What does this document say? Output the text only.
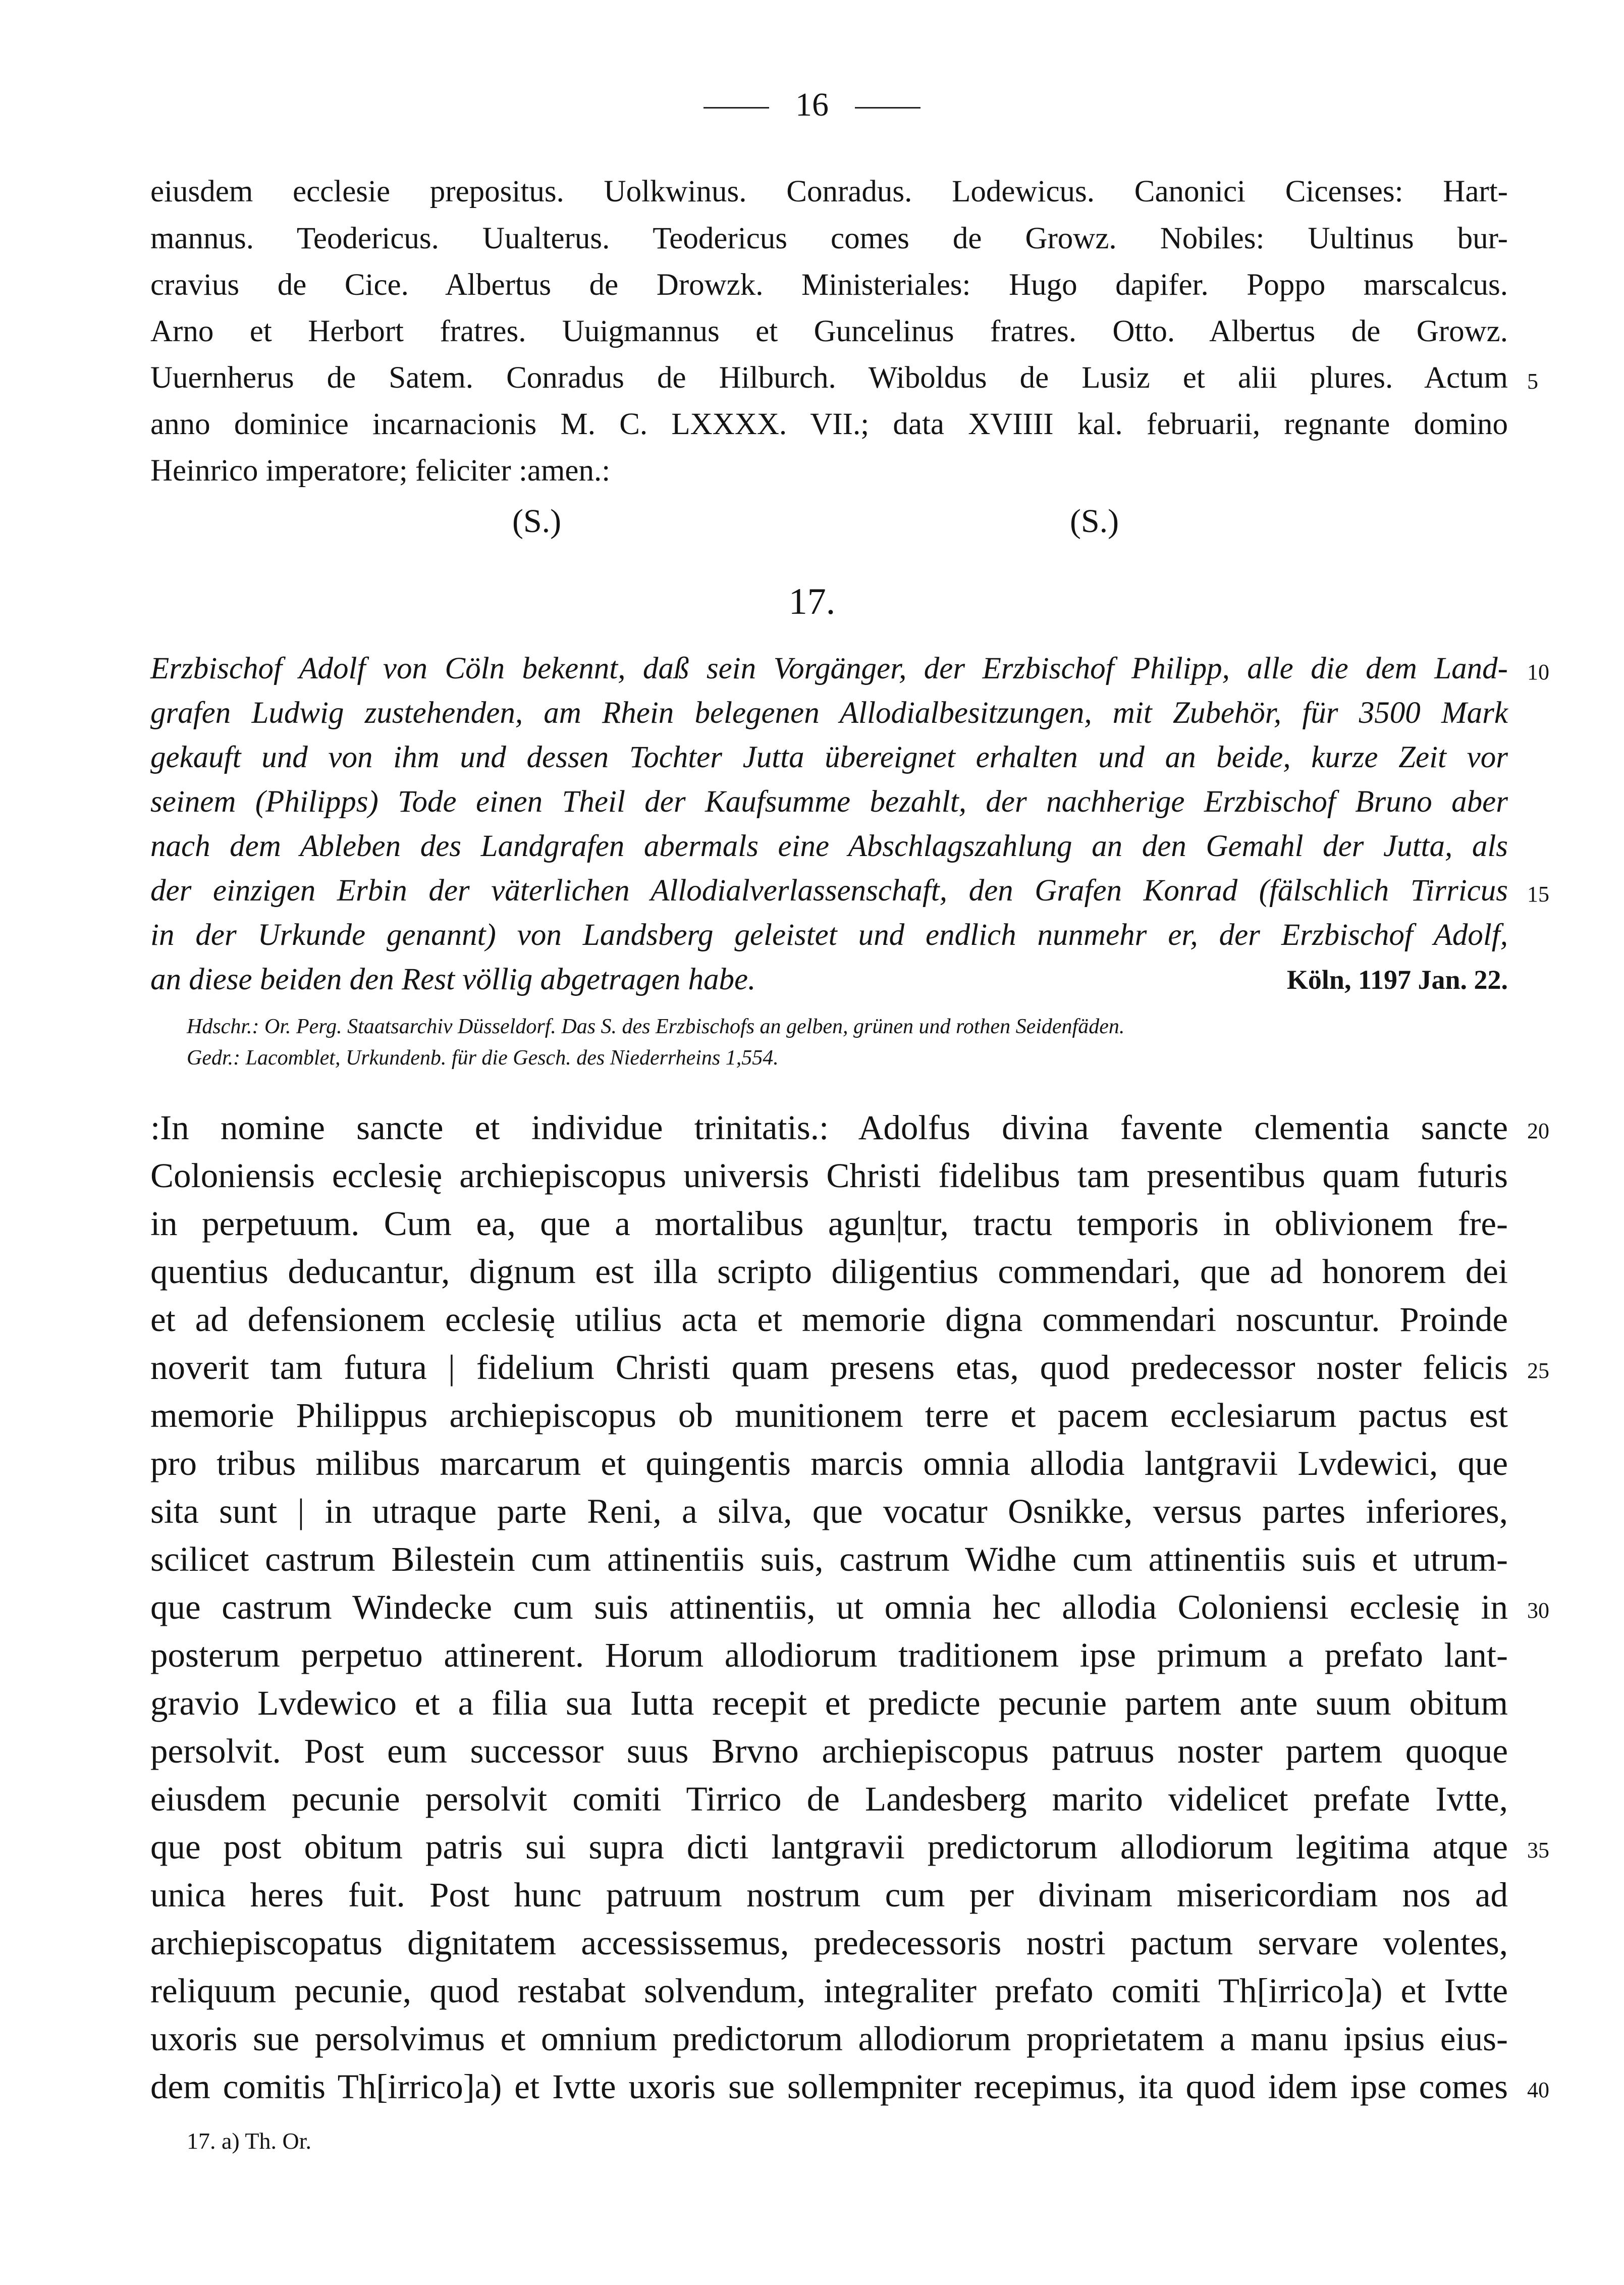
16
eiusdem ecclesie prepositus. Uolkwinus. Conradus. Lodewicus. Canonici Cicenses: Hart-
mannus. Teodericus. Uualterus. Teodericus comes de Growz. Nobiles: Uultinus bur-
cravius de Cice. Albertus de Drowzk. Ministeriales: Hugo dapifer. Poppo marscalcus.
Arno et Herbort fratres. Uuigmannus et Guncelinus fratres. Otto. Albertus de Growz.
Uuernherus de Satem. Conradus de Hilburch. Wiboldus de Lusiz et alii plures. Actum
anno dominice incarnacionis M. C. LXXXX. VII.; data XVIIII kal. februarii, regnante domino
Heinrico imperatore; feliciter :amen.:
(S.)	(S.)
17.
Erzbischof Adolf von Cöln bekennt, daß sein Vorgänger, der Erzbischof Philipp, alle die dem Land-
grafen Ludwig zustehenden, am Rhein belegenen Allodialbesitzungen, mit Zubehör, für 3500 Mark
gekauft und von ihm und dessen Tochter Jutta übereignet erhalten und an beide, kurze Zeit vor
seinem (Philipps) Tode einen Theil der Kaufsumme bezahlt, der nachherige Erzbischof Bruno aber
nach dem Ableben des Landgrafen abermals eine Abschlagszahlung an den Gemahl der Jutta, als
der einzigen Erbin der väterlichen Allodialverlassenschaft, den Grafen Konrad (fälschlich Tirricus
in der Urkunde genannt) von Landsberg geleistet und endlich nunmehr er, der Erzbischof Adolf,
an diese beiden den Rest völlig abgetragen habe.	Köln, 1197 Jan. 22.
Hdschr.: Or. Perg. Staatsarchiv Düsseldorf. Das S. des Erzbischofs an gelben, grünen und rothen Seidenfäden.
Gedr.: Lacomblet, Urkundenb. für die Gesch. des Niederrheins 1,554.
:In nomine sancte et individue trinitatis.: Adolfus divina favente clementia sancte
Coloniensis ecclesię archiepiscopus universis Christi fidelibus tam presentibus quam futuris
in perpetuum. Cum ea, que a mortalibus agun|tur, tractu temporis in oblivionem fre-
quentius deducantur, dignum est illa scripto diligentius commendari, que ad honorem dei
et ad defensionem ecclesię utilius acta et memorie digna commendari noscuntur. Proinde
noverit tam futura | fidelium Christi quam presens etas, quod predecessor noster felicis
memorie Philippus archiepiscopus ob munitionem terre et pacem ecclesiarum pactus est
pro tribus milibus marcarum et quingentis marcis omnia allodia lantgravii Lvdewici, que
sita sunt | in utraque parte Reni, a silva, que vocatur Osnikke, versus partes inferiores,
scilicet castrum Bilestein cum attinentiis suis, castrum Widhe cum attinentiis suis et utrum-
que castrum Windecke cum suis attinentiis, ut omnia hec allodia Coloniensi ecclesię in
posterum perpetuo attinerent. Horum allodiorum traditionem ipse primum a prefato lant-
gravio Lvdewico et a filia sua Iutta recepit et predicte pecunie partem ante suum obitum
persolvit. Post eum successor suus Brvno archiepiscopus patruus noster partem quoque
eiusdem pecunie persolvit comiti Tirrico de Landesberg marito videlicet prefate Ivtte,
que post obitum patris sui supra dicti lantgravii predictorum allodiorum legitima atque
unica heres fuit. Post hunc patruum nostrum cum per divinam misericordiam nos ad
archiepiscopatus dignitatem accessissemus, predecessoris nostri pactum servare volentes,
reliquum pecunie, quod restabat solvendum, integraliter prefato comiti Th[irrico]a) et Ivtte
uxoris sue persolvimus et omnium predictorum allodiorum proprietatem a manu ipsius eius-
dem comitis Th[irrico]a) et Ivtte uxoris sue sollempniter recepimus, ita quod idem ipse comes
17. a) Th. Or.
5
10
15
20
25
30
35
40
